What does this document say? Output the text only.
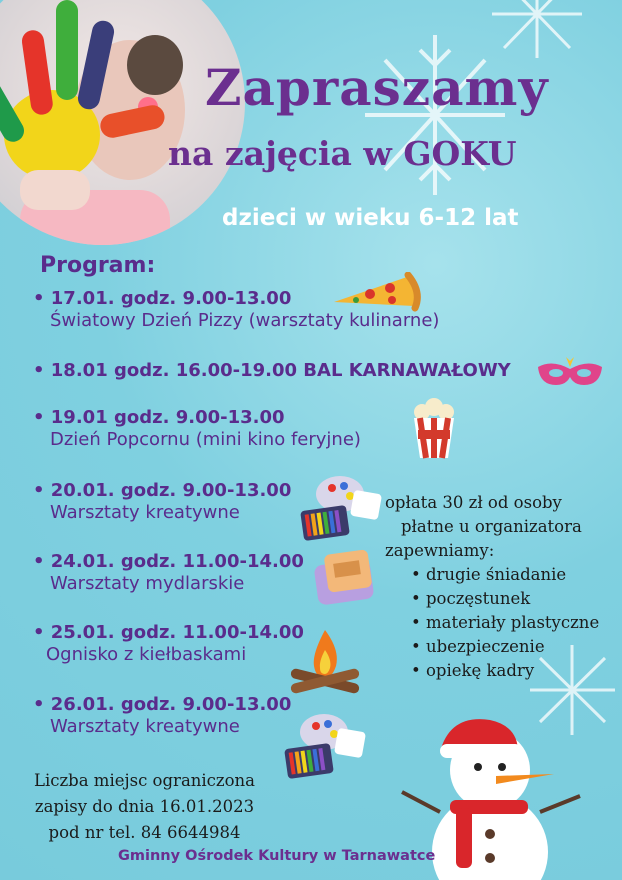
Zapraszamy
na zajęcia w GOKU
dzieci w wieku 6-12 lat
Program:
• 17.01. godz. 9.00-13.00
Światowy Dzień Pizzy (warsztaty kulinarne)
• 18.01 godz. 16.00-19.00 BAL KARNAWAŁOWY
• 19.01 godz. 9.00-13.00
Dzień Popcornu (mini kino feryjne)
• 20.01. godz. 9.00-13.00
Warsztaty kreatywne
• 24.01. godz. 11.00-14.00
Warsztaty mydlarskie
• 25.01. godz. 11.00-14.00
Ognisko z kiełbaskami
• 26.01. godz. 9.00-13.00
Warsztaty kreatywne
opłata 30 zł od osoby
płatne u organizatora
zapewniamy:
• drugie śniadanie
• poczęstunek
• materiały plastyczne
• ubezpieczenie
• opiekę kadry
Liczba miejsc ograniczona
zapisy do dnia 16.01.2023
pod nr tel. 84 6644984
Gminny Ośrodek Kultury w Tarnawatce
